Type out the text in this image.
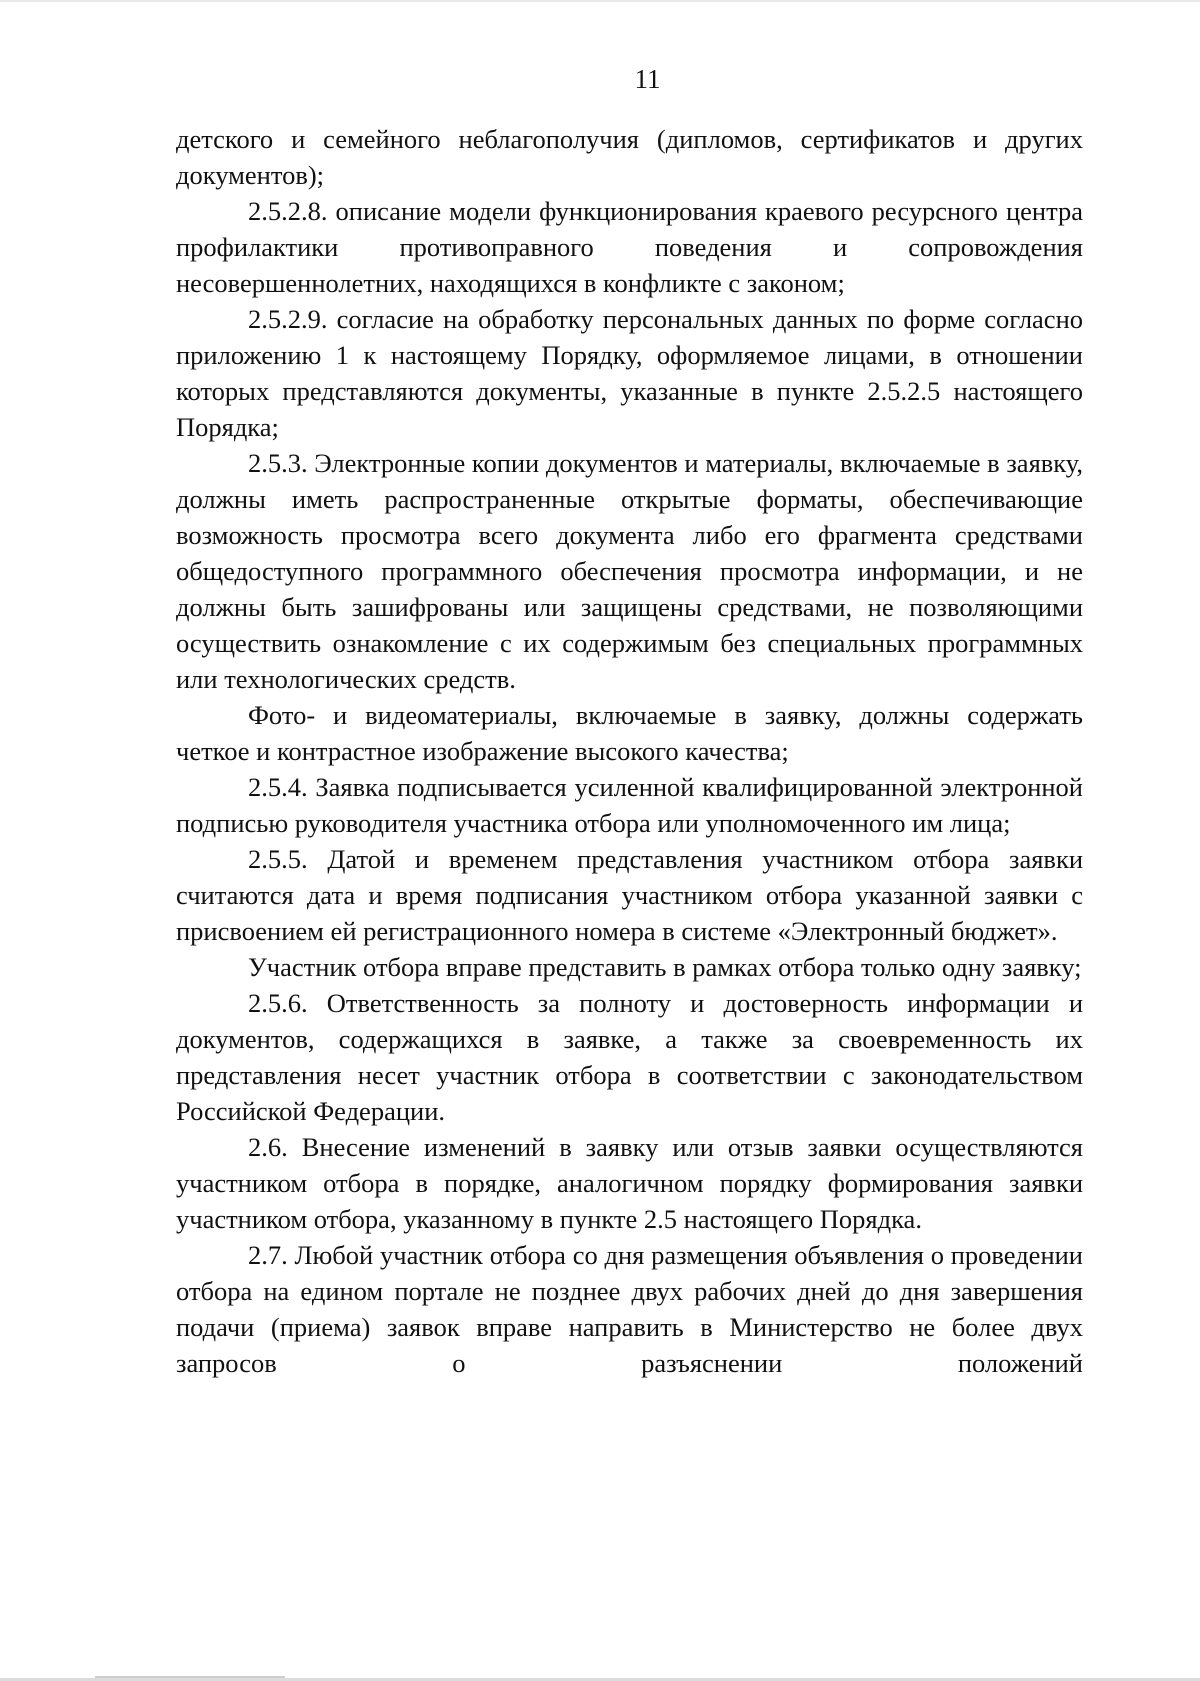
11

детского и семейного неблагополучия (дипломов, сертификатов и других документов);

2.5.2.8. описание модели функционирования краевого ресурсного центра профилактики противоправного поведения и сопровождения несовершеннолетних, находящихся в конфликте с законом;

2.5.2.9. согласие на обработку персональных данных по форме согласно приложению 1 к настоящему Порядку, оформляемое лицами, в отношении которых представляются документы, указанные в пункте 2.5.2.5 настоящего Порядка;

2.5.3. Электронные копии документов и материалы, включаемые в заявку, должны иметь распространенные открытые форматы, обеспечивающие возможность просмотра всего документа либо его фрагмента средствами общедоступного программного обеспечения просмотра информации, и не должны быть зашифрованы или защищены средствами, не позволяющими осуществить ознакомление с их содержимым без специальных программных или технологических средств.

Фото- и видеоматериалы, включаемые в заявку, должны содержать четкое и контрастное изображение высокого качества;

2.5.4. Заявка подписывается усиленной квалифицированной электронной подписью руководителя участника отбора или уполномоченного им лица;

2.5.5. Датой и временем представления участником отбора заявки считаются дата и время подписания участником отбора указанной заявки с присвоением ей регистрационного номера в системе «Электронный бюджет».

Участник отбора вправе представить в рамках отбора только одну заявку;

2.5.6. Ответственность за полноту и достоверность информации и документов, содержащихся в заявке, а также за своевременность их представления несет участник отбора в соответствии с законодательством Российской Федерации.

2.6. Внесение изменений в заявку или отзыв заявки осуществляются участником отбора в порядке, аналогичном порядку формирования заявки участником отбора, указанному в пункте 2.5 настоящего Порядка.

2.7. Любой участник отбора со дня размещения объявления о проведении отбора на едином портале не позднее двух рабочих дней до дня завершения подачи (приема) заявок вправе направить в Министерство не более двух запросов о разъяснении положений
